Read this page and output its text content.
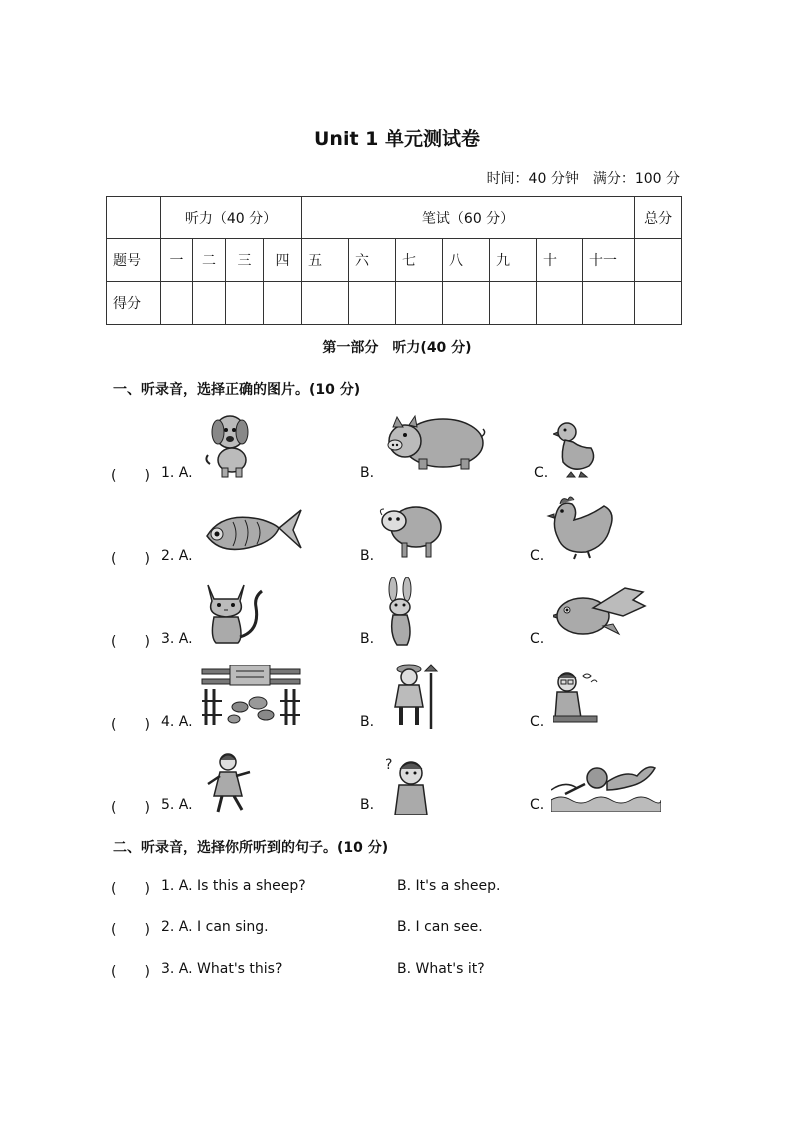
Unit 1 单元测试卷
时间：40 分钟　满分：100 分
	听力（40 分）				笔试（60 分）							总分
题号	一	二	三	四	五	六	七	八	九	十	十一	
得分												
第一部分　听力(40 分)
一、听录音，选择正确的图片。(10 分)
(　　) 1. A.	B.	C.
(　　) 2. A.	B.	C.
(　　) 3. A.	B.	C.
(　　) 4. A.	B.	C.
(　　) 5. A.	B.	C.
?
二、听录音，选择你所听到的句子。(10 分)
(　　) 1. A. Is this a sheep?	B. It's a sheep.
(　　) 2. A. I can sing.	B. I can see.
(　　) 3. A. What's this?	B. What's it?
